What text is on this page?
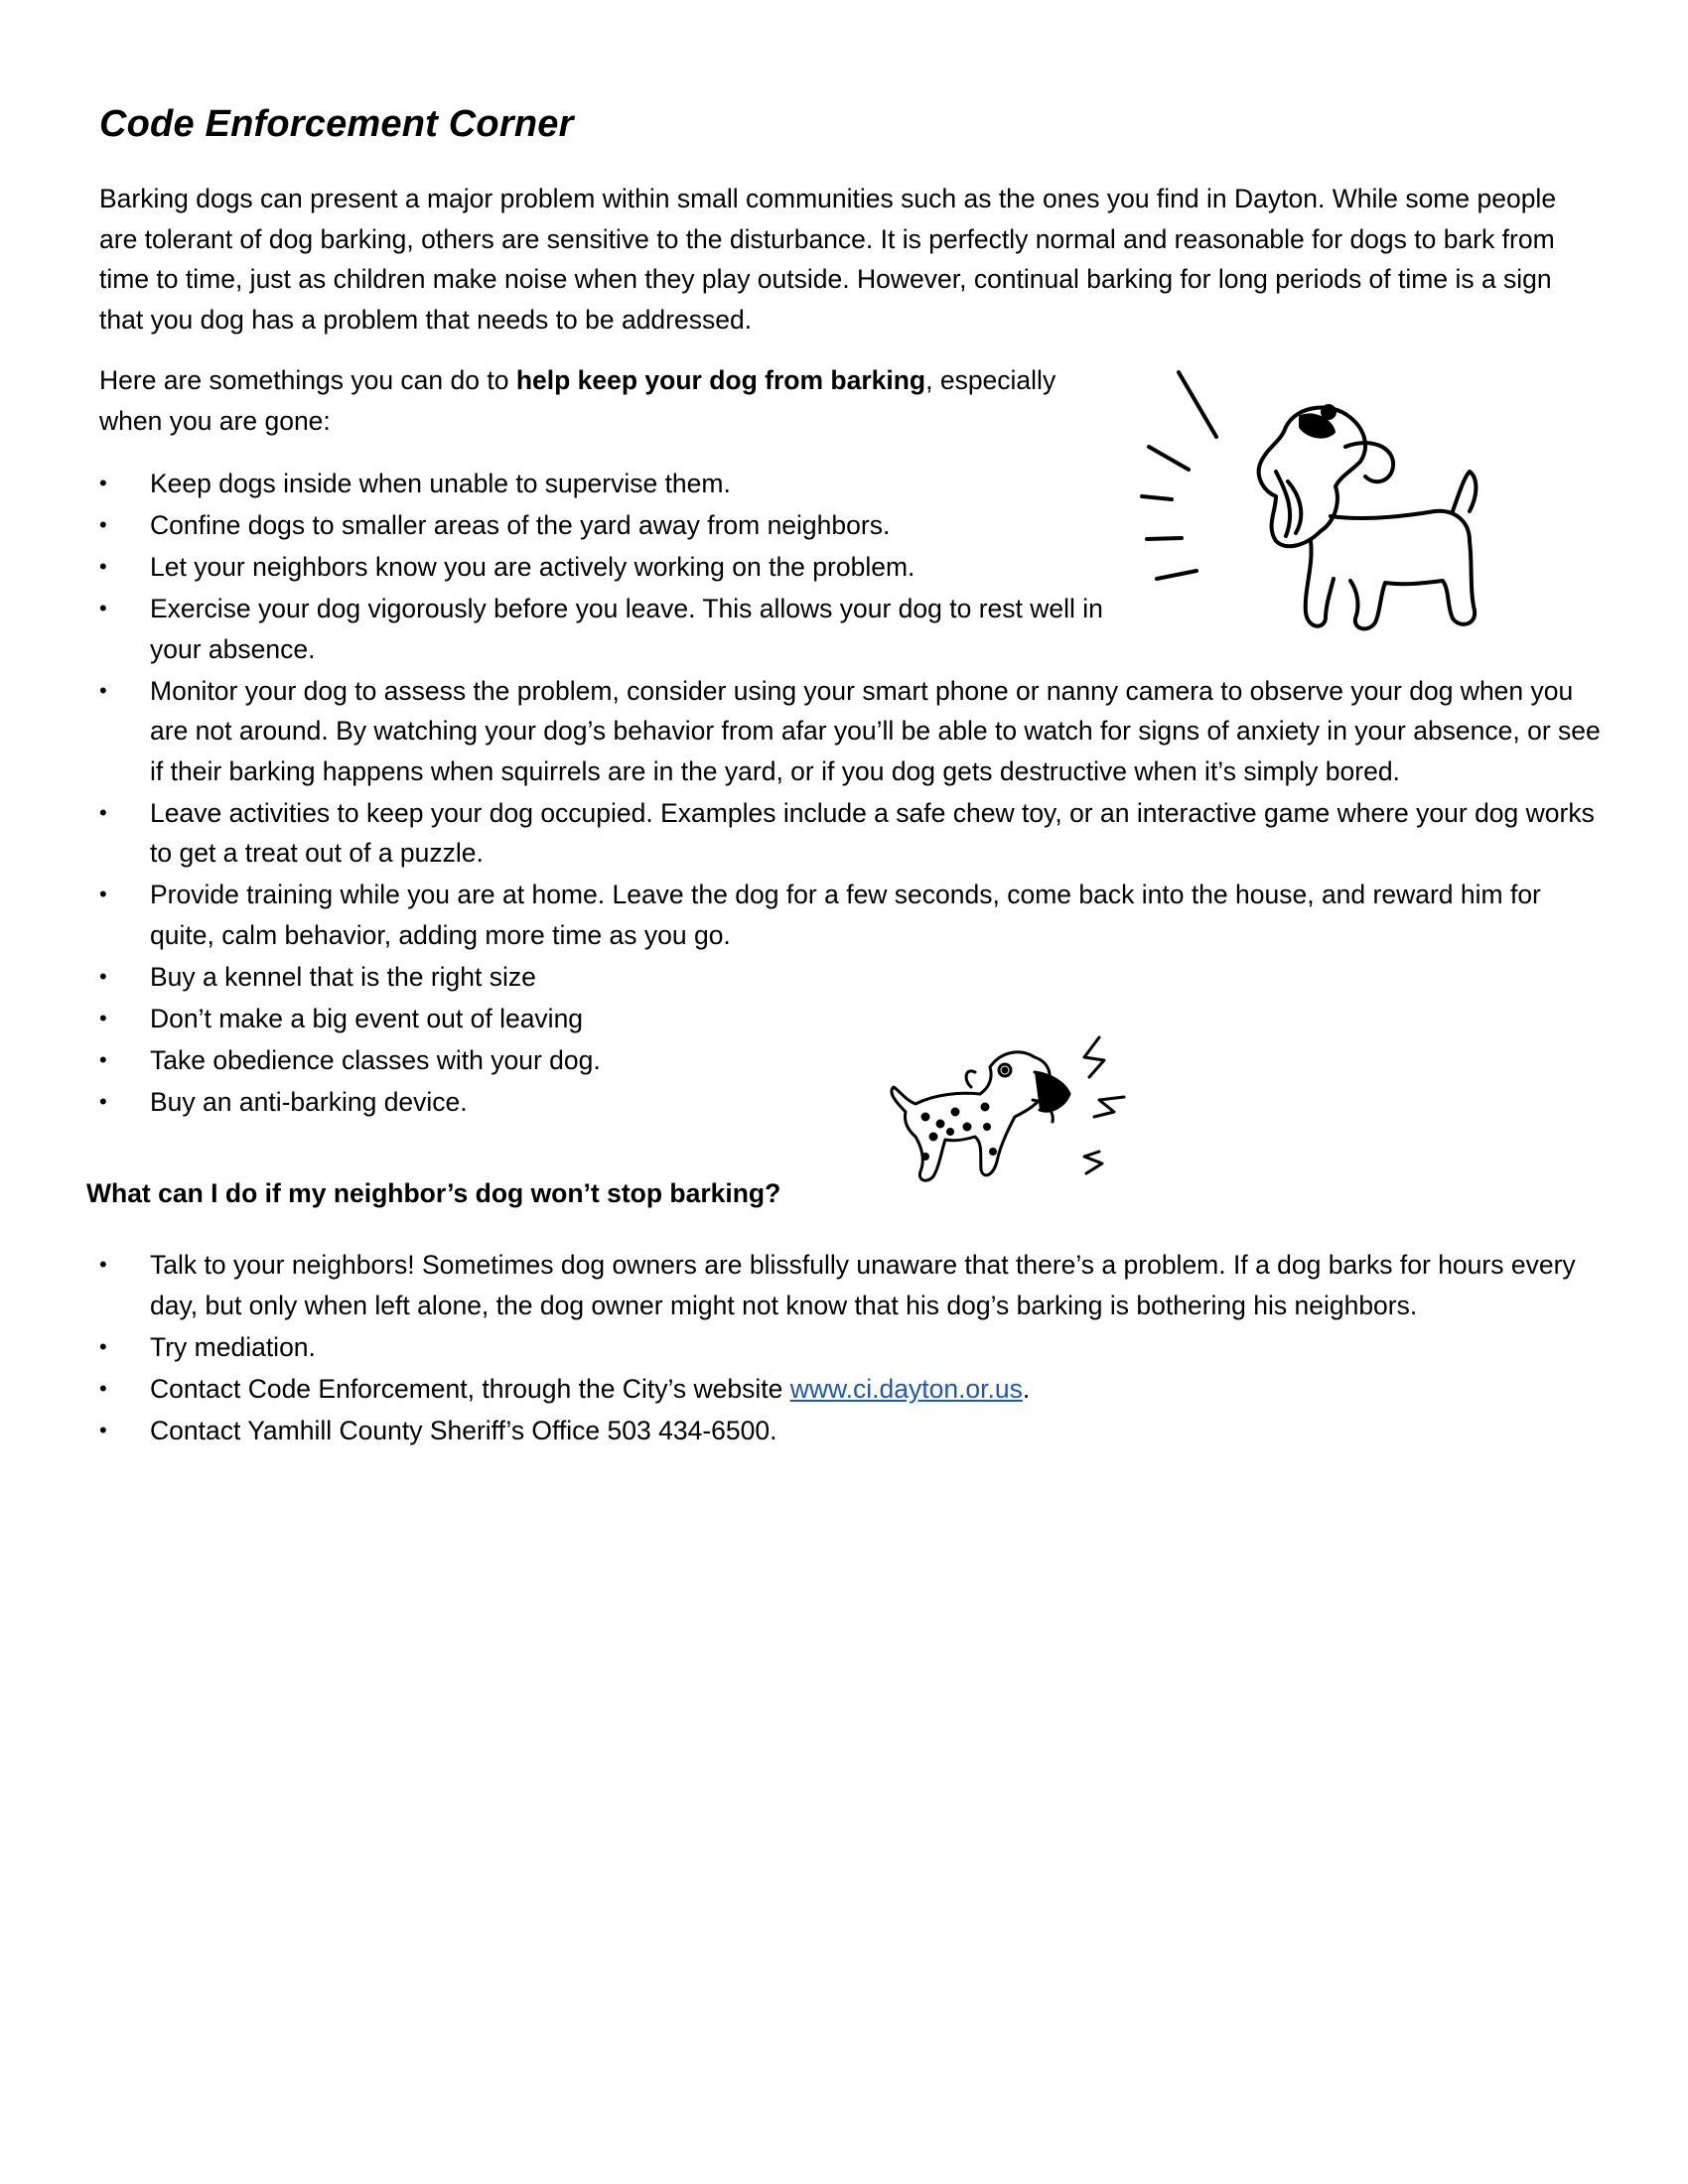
Code Enforcement Corner

Barking dogs can present a major problem within small communities such as the ones you find in Dayton. While some people are tolerant of dog barking, others are sensitive to the disturbance. It is perfectly normal and reasonable for dogs to bark from time to time, just as children make noise when they play outside. However, continual barking for long periods of time is a sign that you dog has a problem that needs to be addressed.

Here are somethings you can do to help keep your dog from barking, especially when you are gone:

• Keep dogs inside when unable to supervise them.
• Confine dogs to smaller areas of the yard away from neighbors.
• Let your neighbors know you are actively working on the problem.
• Exercise your dog vigorously before you leave. This allows your dog to rest well in your absence.
• Monitor your dog to assess the problem, consider using your smart phone or nanny camera to observe your dog when you are not around. By watching your dog’s behavior from afar you’ll be able to watch for signs of anxiety in your absence, or see if their barking happens when squirrels are in the yard, or if you dog gets destructive when it’s simply bored.
• Leave activities to keep your dog occupied. Examples include a safe chew toy, or an interactive game where your dog works to get a treat out of a puzzle.
• Provide training while you are at home. Leave the dog for a few seconds, come back into the house, and reward him for quite, calm behavior, adding more time as you go.
• Buy a kennel that is the right size
• Don’t make a big event out of leaving
• Take obedience classes with your dog.
• Buy an anti-barking device.

What can I do if my neighbor’s dog won’t stop barking?

• Talk to your neighbors! Sometimes dog owners are blissfully unaware that there’s a problem. If a dog barks for hours every day, but only when left alone, the dog owner might not know that his dog’s barking is bothering his neighbors.
• Try mediation.
• Contact Code Enforcement, through the City’s website www.ci.dayton.or.us.
• Contact Yamhill County Sheriff’s Office 503 434-6500.
